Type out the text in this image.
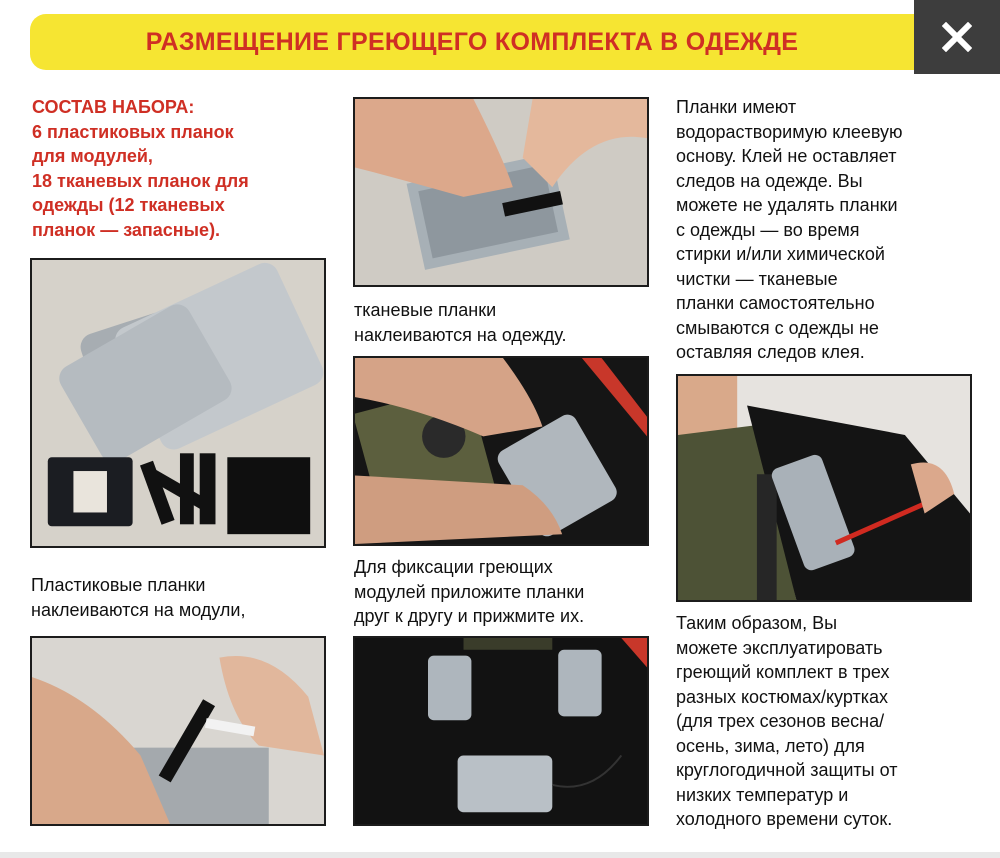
РАЗМЕЩЕНИЕ ГРЕЮЩЕГО КОМПЛЕКТА В ОДЕЖДЕ
СОСТАВ НАБОРА:
6 пластиковых планок
для модулей,
18 тканевых планок для
одежды (12 тканевых
планок — запасные).
Пластиковые планки
наклеиваются на модули,
тканевые планки
наклеиваются на одежду.
Для фиксации греющих
модулей приложите планки
друг к другу и прижмите их.
Планки имеют
водорастворимую клеевую
основу. Клей не оставляет
следов на одежде. Вы
можете не удалять планки
с одежды — во время
стирки и/или химической
чистки — тканевые
планки самостоятельно
смываются с одежды не
оставляя следов клея.
Таким образом, Вы
можете эксплуатировать
греющий комплект в трех
разных костюмах/куртках
(для трех сезонов весна/
осень, зима, лето) для
круглогодичной защиты от
низких температур и
холодного времени суток.
